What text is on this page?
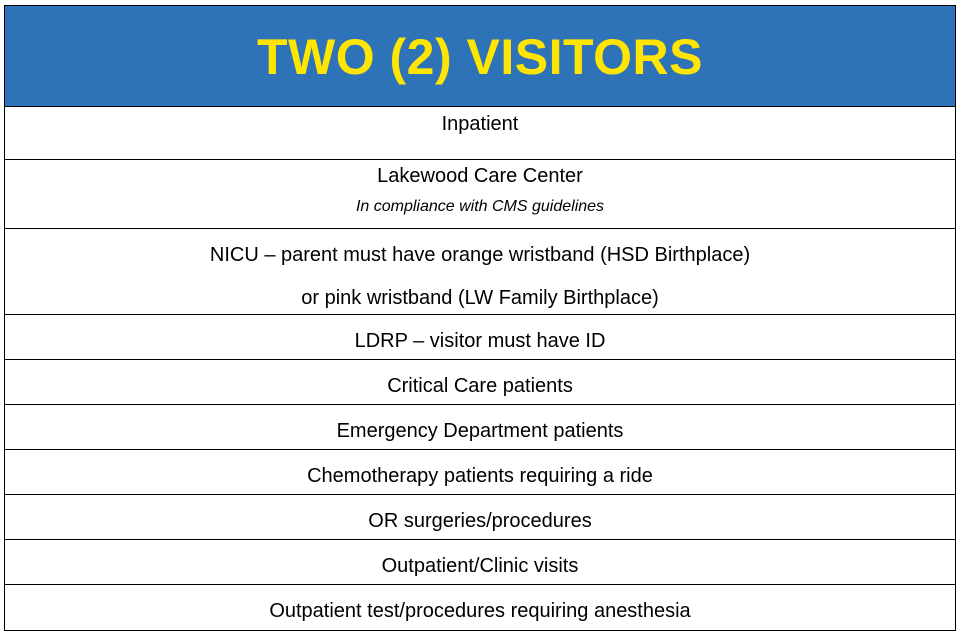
TWO (2) VISITORS
Inpatient
Lakewood Care Center
In compliance with CMS guidelines
NICU – parent must have orange wristband (HSD Birthplace)
or pink wristband (LW Family Birthplace)
LDRP – visitor must have ID
Critical Care patients
Emergency Department patients
Chemotherapy patients requiring a ride
OR surgeries/procedures
Outpatient/Clinic visits
Outpatient test/procedures requiring anesthesia
